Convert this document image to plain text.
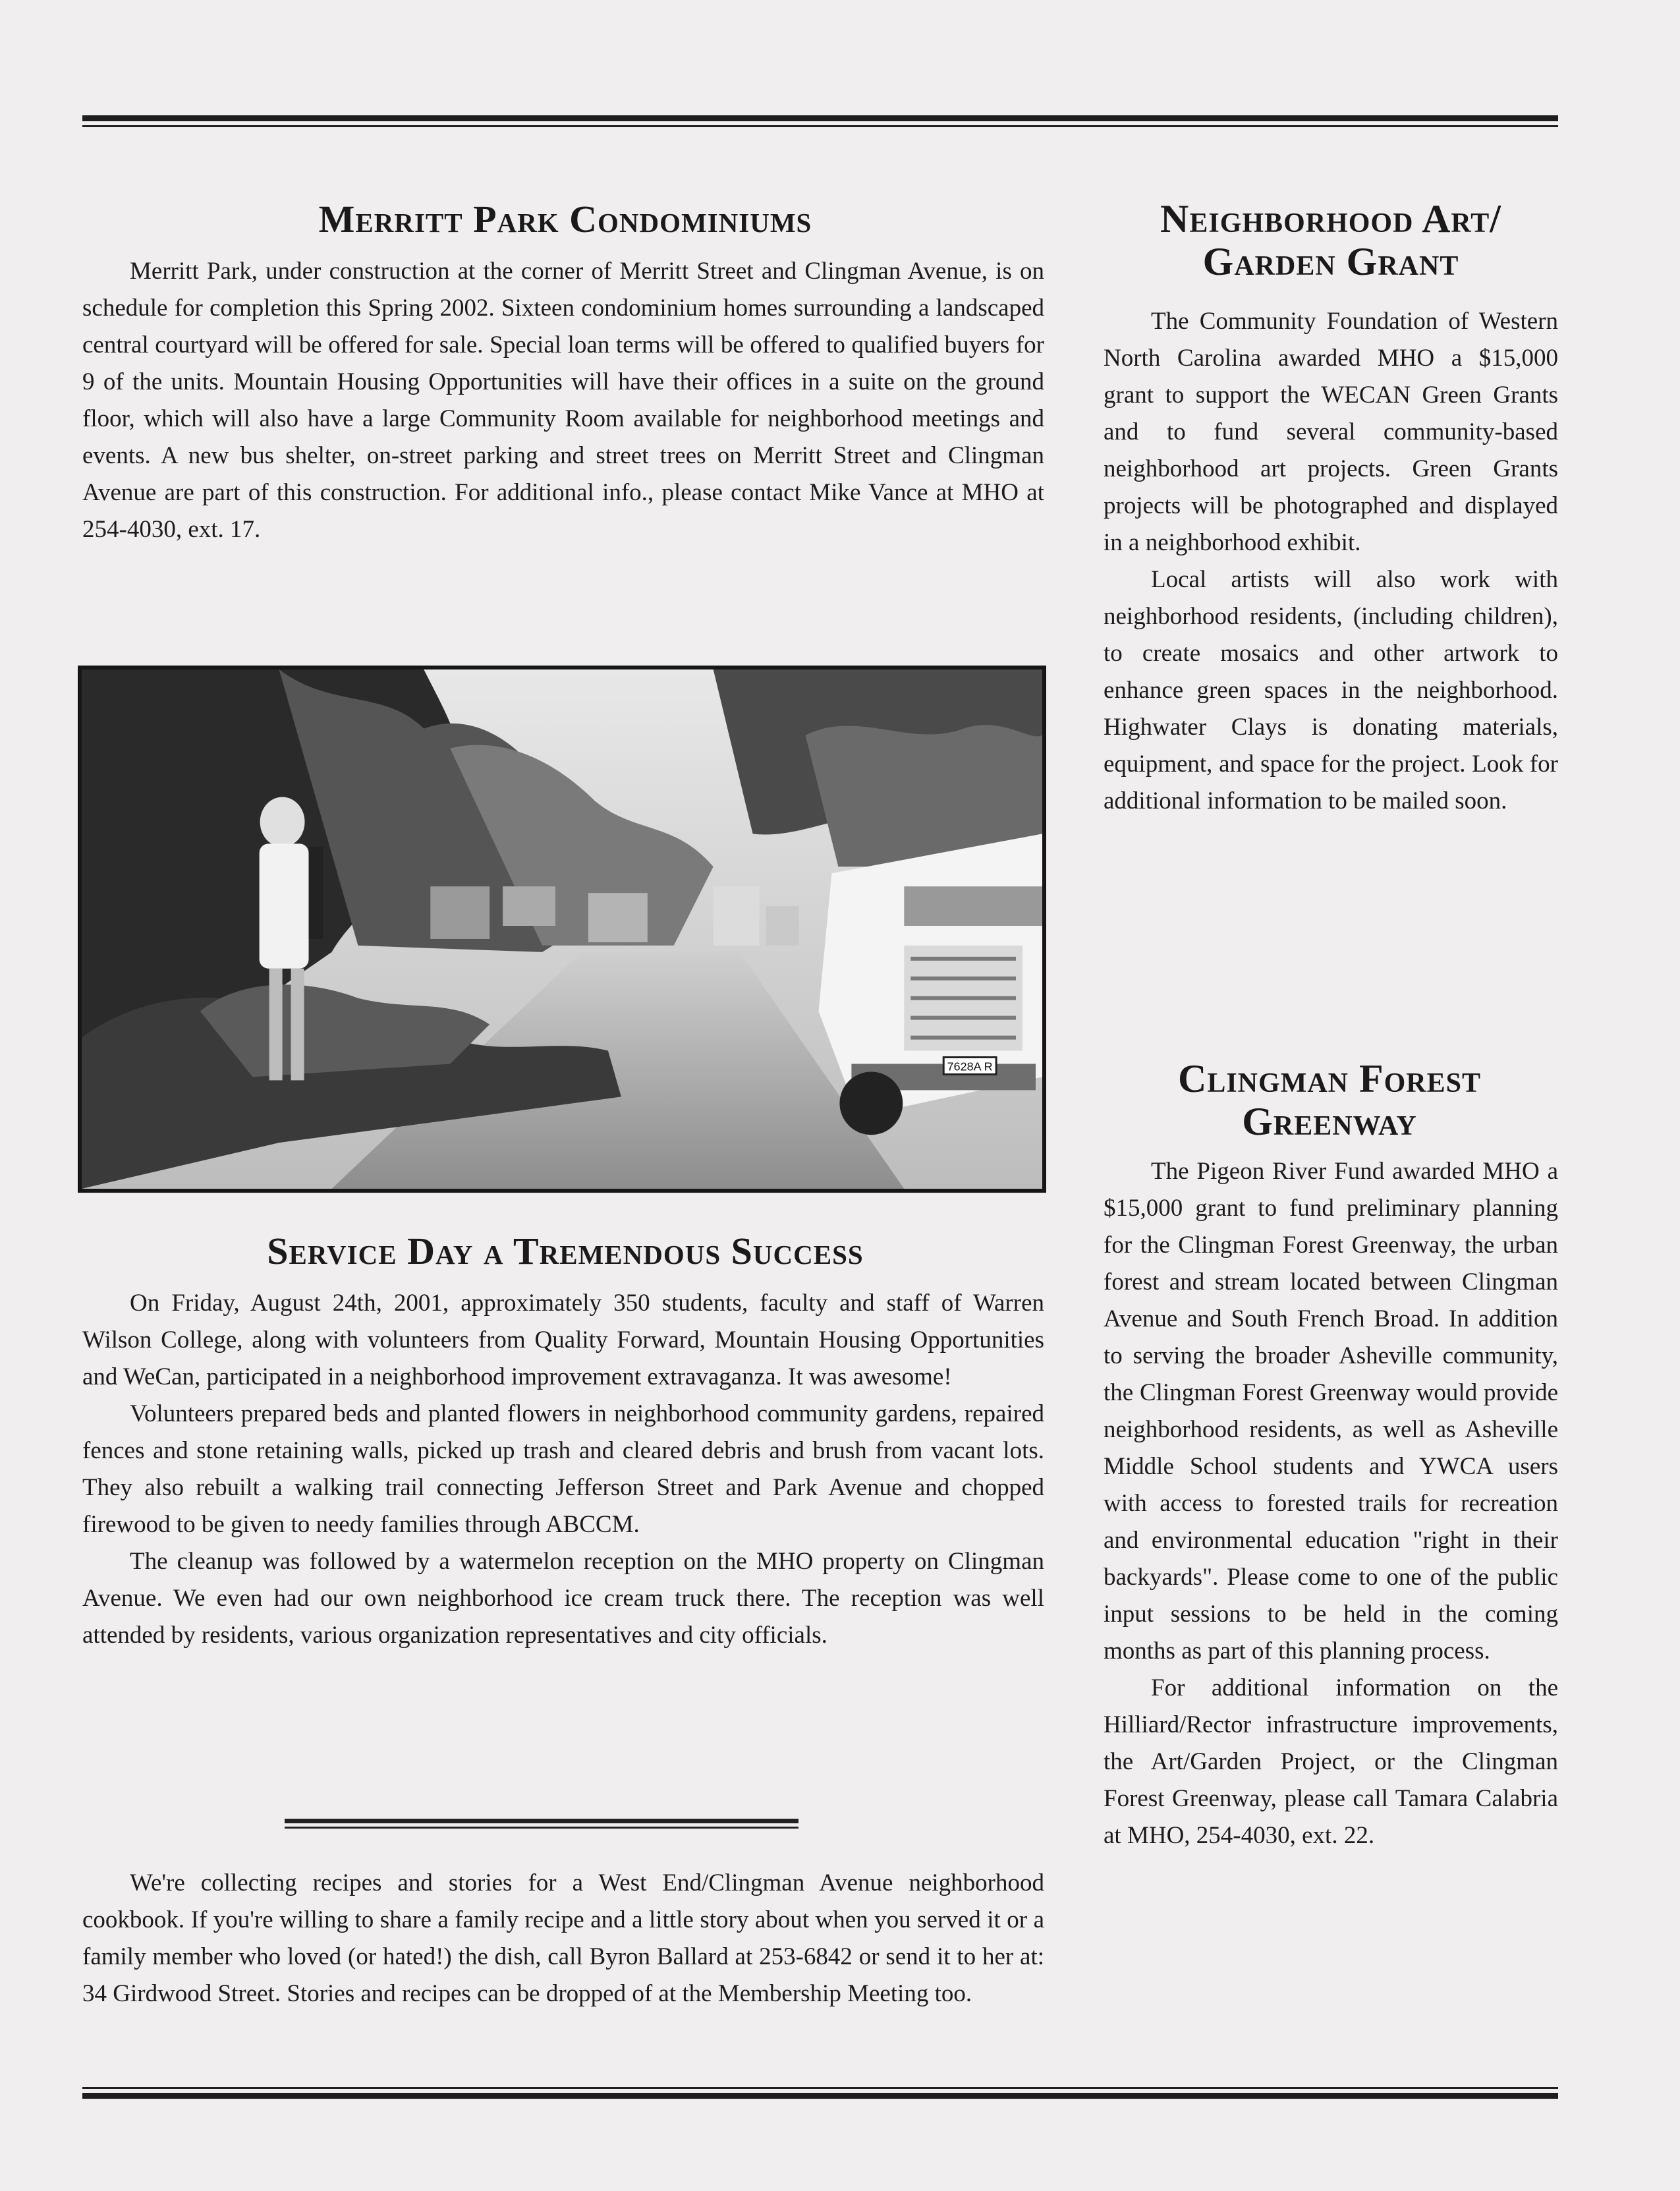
Merritt Park Condominiums

Merritt Park, under construction at the corner of Merritt Street and Clingman Avenue, is on schedule for completion this Spring 2002. Sixteen condominium homes surrounding a landscaped central courtyard will be offered for sale. Special loan terms will be offered to qualified buyers for 9 of the units. Mountain Housing Opportunities will have their offices in a suite on the ground floor, which will also have a large Community Room available for neighborhood meetings and events. A new bus shelter, on-street parking and street trees on Merritt Street and Clingman Avenue are part of this construction. For additional info., please contact Mike Vance at MHO at 254-4030, ext. 17.

7628A R
Service Day a Tremendous Success

On Friday, August 24th, 2001, approximately 350 students, faculty and staff of Warren Wilson College, along with volunteers from Quality Forward, Mountain Housing Opportunities and WeCan, participated in a neighborhood improvement extravaganza. It was awesome!

Volunteers prepared beds and planted flowers in neighborhood community gardens, repaired fences and stone retaining walls, picked up trash and cleared debris and brush from vacant lots. They also rebuilt a walking trail connecting Jefferson Street and Park Avenue and chopped firewood to be given to needy families through ABCCM.

The cleanup was followed by a watermelon reception on the MHO property on Clingman Avenue. We even had our own neighborhood ice cream truck there. The reception was well attended by residents, various organization representatives and city officials.

We're collecting recipes and stories for a West End/Clingman Avenue neighborhood cookbook. If you're willing to share a family recipe and a little story about when you served it or a family member who loved (or hated!) the dish, call Byron Ballard at 253-6842 or send it to her at: 34 Girdwood Street. Stories and recipes can be dropped of at the Membership Meeting too.

Neighborhood Art/ Garden Grant

The Community Foundation of Western North Carolina awarded MHO a $15,000 grant to support the WECAN Green Grants and to fund several community-based neighborhood art projects. Green Grants projects will be photographed and displayed in a neighborhood exhibit.

Local artists will also work with neighborhood residents, (including children), to create mosaics and other artwork to enhance green spaces in the neighborhood. Highwater Clays is donating materials, equipment, and space for the project. Look for additional information to be mailed soon.

Clingman Forest Greenway

The Pigeon River Fund awarded MHO a $15,000 grant to fund preliminary planning for the Clingman Forest Greenway, the urban forest and stream located between Clingman Avenue and South French Broad. In addition to serving the broader Asheville community, the Clingman Forest Greenway would provide neighborhood residents, as well as Asheville Middle School students and YWCA users with access to forested trails for recreation and environmental education "right in their backyards". Please come to one of the public input sessions to be held in the coming months as part of this planning process.

For additional information on the Hilliard/Rector infrastructure improvements, the Art/Garden Project, or the Clingman Forest Greenway, please call Tamara Calabria at MHO, 254-4030, ext. 22.
